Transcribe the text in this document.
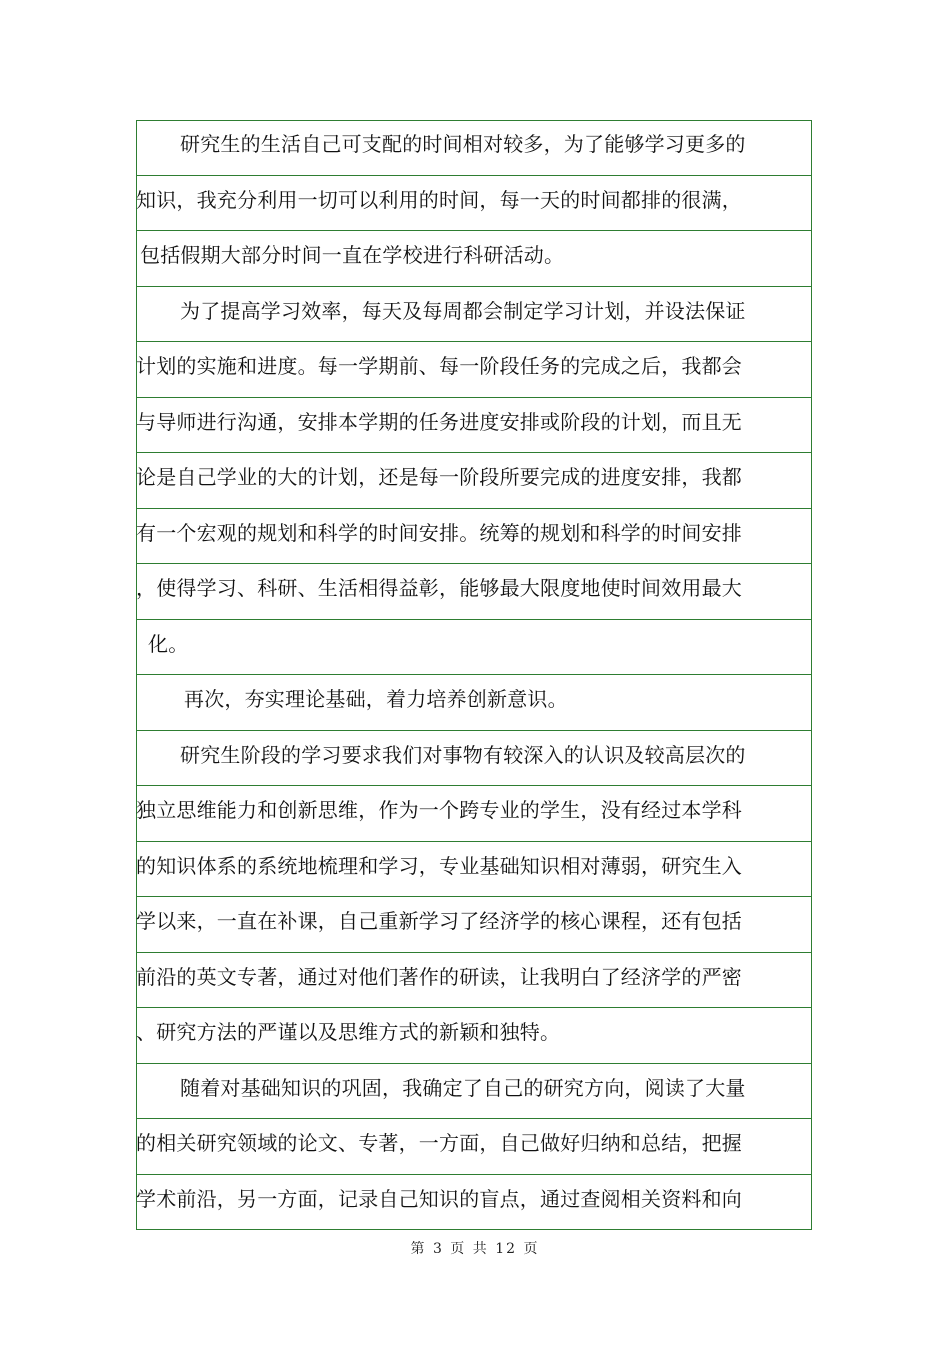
研究生的生活自己可支配的时间相对较多，为了能够学习更多的
知识，我充分利用一切可以利用的时间，每一天的时间都排的很满，
包括假期大部分时间一直在学校进行科研活动。
为了提高学习效率，每天及每周都会制定学习计划，并设法保证
计划的实施和进度。每一学期前、每一阶段任务的完成之后，我都会
与导师进行沟通，安排本学期的任务进度安排或阶段的计划，而且无
论是自己学业的大的计划，还是每一阶段所要完成的进度安排，我都
有一个宏观的规划和科学的时间安排。统筹的规划和科学的时间安排
，使得学习、科研、生活相得益彰，能够最大限度地使时间效用最大
化。
再次，夯实理论基础，着力培养创新意识。
研究生阶段的学习要求我们对事物有较深入的认识及较高层次的
独立思维能力和创新思维，作为一个跨专业的学生，没有经过本学科
的知识体系的系统地梳理和学习，专业基础知识相对薄弱，研究生入
学以来，一直在补课，自己重新学习了经济学的核心课程，还有包括
前沿的英文专著，通过对他们著作的研读，让我明白了经济学的严密
、研究方法的严谨以及思维方式的新颖和独特。
随着对基础知识的巩固，我确定了自己的研究方向，阅读了大量
的相关研究领域的论文、专著，一方面，自己做好归纳和总结，把握
学术前沿，另一方面，记录自己知识的盲点，通过查阅相关资料和向
第 3 页 共 12 页
